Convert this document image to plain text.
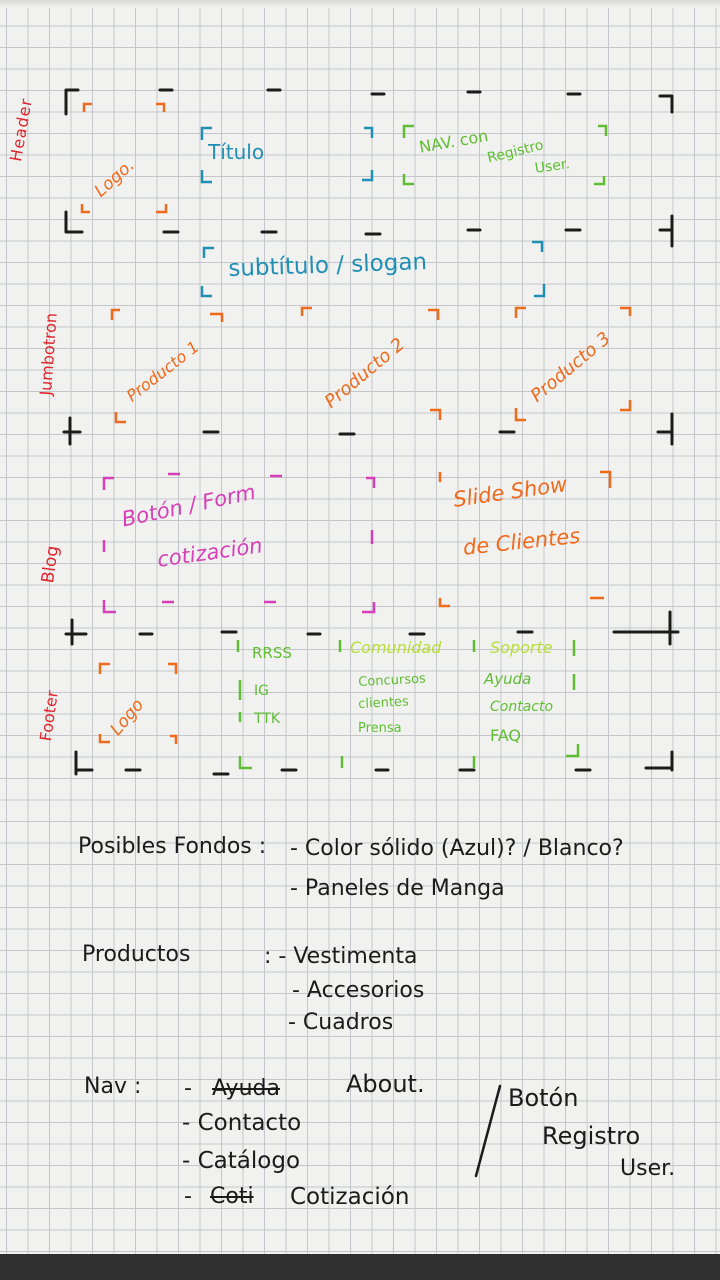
Header
Jumbotron
Blog
Footer
Logo.
Título	NAV. con
Registro
User.
subtítulo / slogan
Producto 1	Producto 2	Producto 3
Botón / Form
cotización
Slide Show
de Clientes
Logo
RRSS
IG
TTK
Comunidad
Concursos
clientes
Prensa
Soporte
Ayuda
Contacto
FAQ
Posibles Fondos : - Color sólido (Azul)? / Blanco?
- Paneles de Manga
Productos	: - Vestimenta
- Accesorios
- Cuadros
Nav : - Ayuda	About.
- Contacto
- Catálogo
- Coti Cotización
Botón
Registro
User.
